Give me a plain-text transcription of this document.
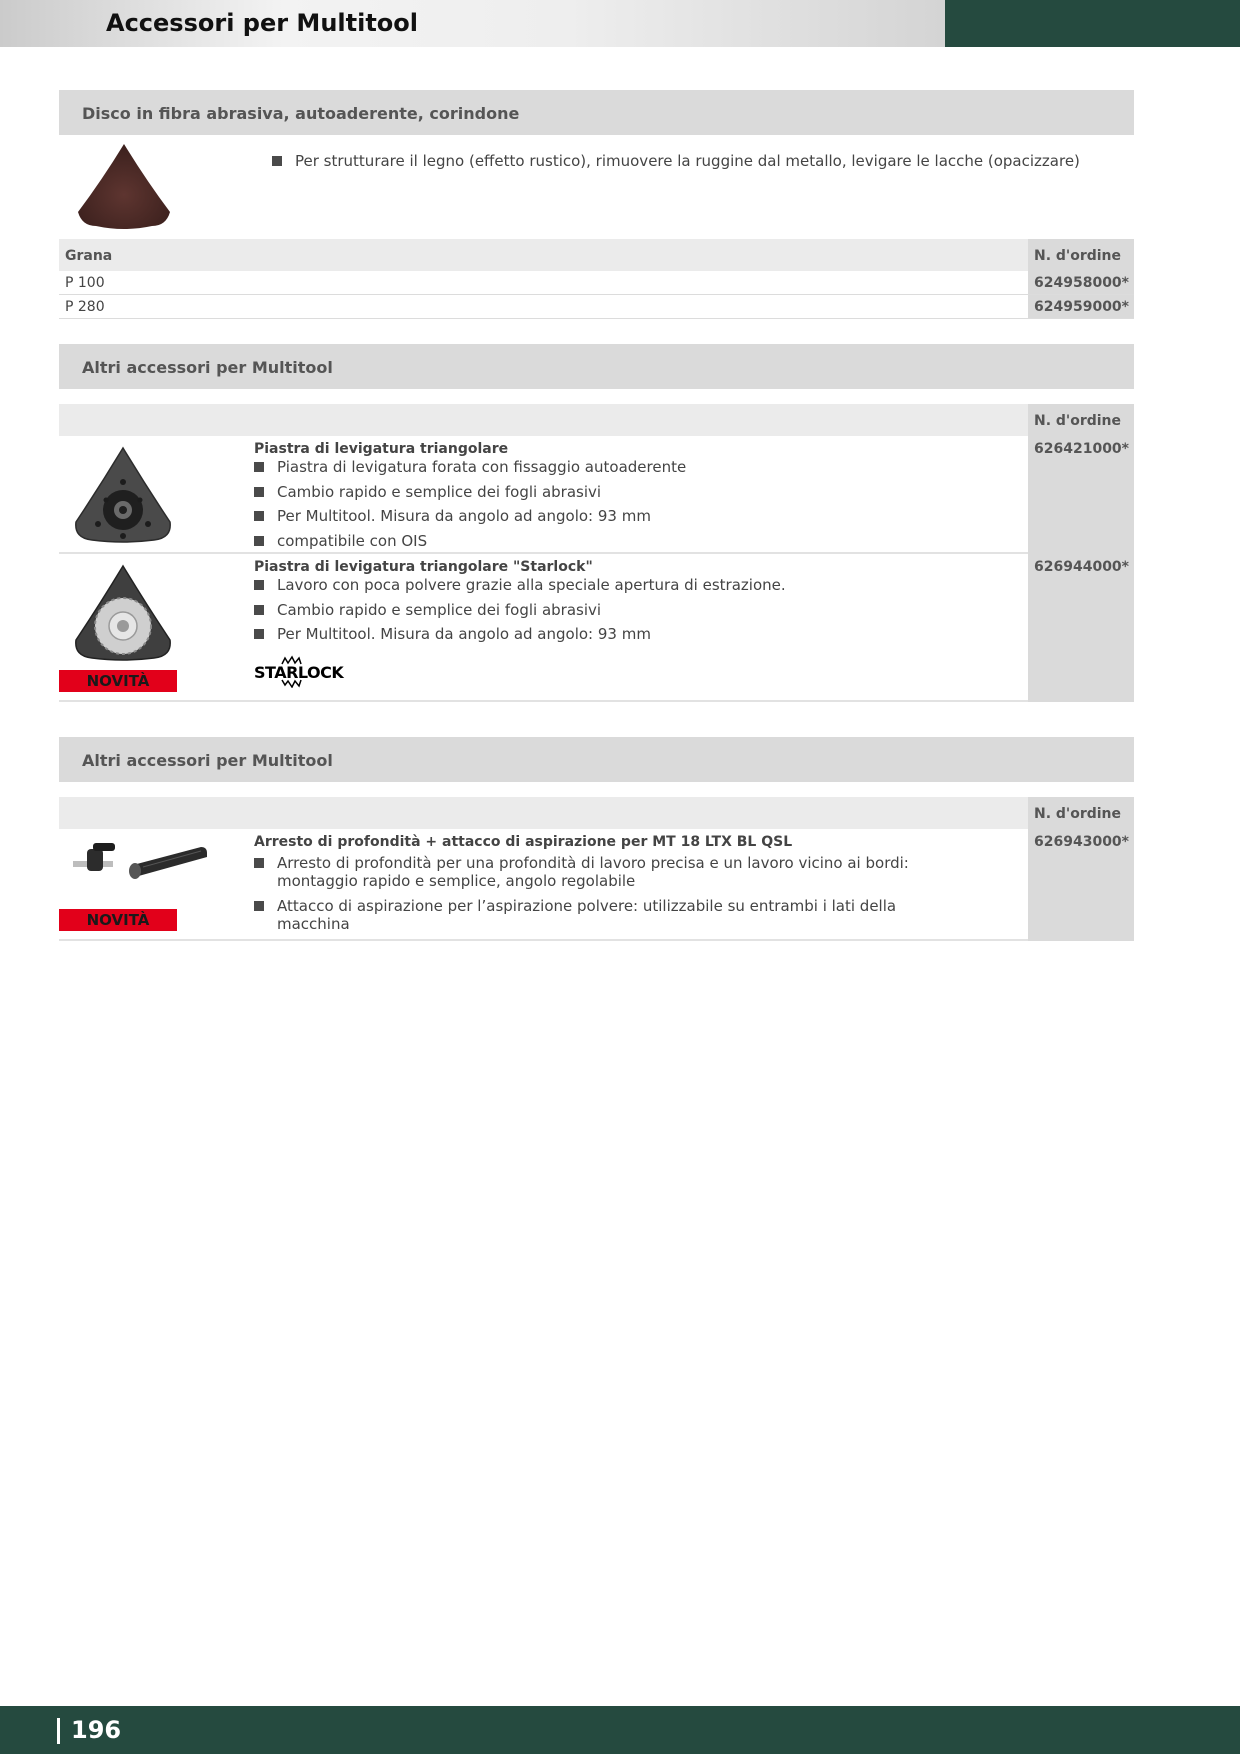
Accessori per Multitool
Disco in fibra abrasiva, autoaderente, corindone
Per strutturare il legno (effetto rustico), rimuovere la ruggine dal metallo, levigare le lacche (opacizzare)
Grana	N. d'ordine
P 100	624958000*
P 280	624959000*
Altri accessori per Multitool
N. d'ordine
Piastra di levigatura triangolare
Piastra di levigatura forata con fissaggio autoaderente
Cambio rapido e semplice dei fogli abrasivi
Per Multitool. Misura da angolo ad angolo: 93 mm
compatibile con OIS
626421000*
NOVITÀ
Piastra di levigatura triangolare "Starlock"
Lavoro con poca polvere grazie alla speciale apertura di estrazione.
Cambio rapido e semplice dei fogli abrasivi
Per Multitool. Misura da angolo ad angolo: 93 mm
STARLOCK
626944000*
Altri accessori per Multitool
N. d'ordine
NOVITÀ
Arresto di profondità + attacco di aspirazione per MT 18 LTX BL QSL
Arresto di profondità per una profondità di lavoro precisa e un lavoro vicino ai bordi: montaggio rapido e semplice, angolo regolabile
Attacco di aspirazione per l’aspirazione polvere: utilizzabile su entrambi i lati della macchina
626943000*
196
